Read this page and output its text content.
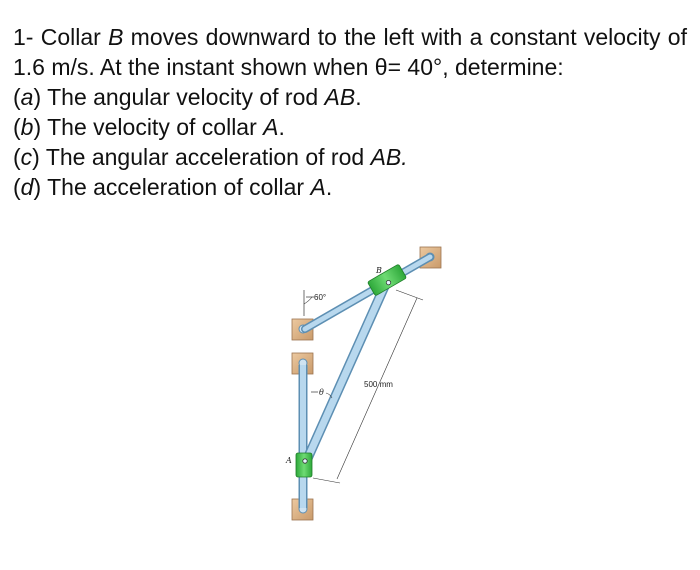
1- Collar B moves downward to the left with a constant velocity of 1.6 m/s. At the instant shown when θ= 40°, determine:

(a) The angular velocity of rod AB.

(b) The velocity of collar A.

(c) The angular acceleration of rod AB.

(d) The acceleration of collar A.

60°
θ
B
A
500 mm
